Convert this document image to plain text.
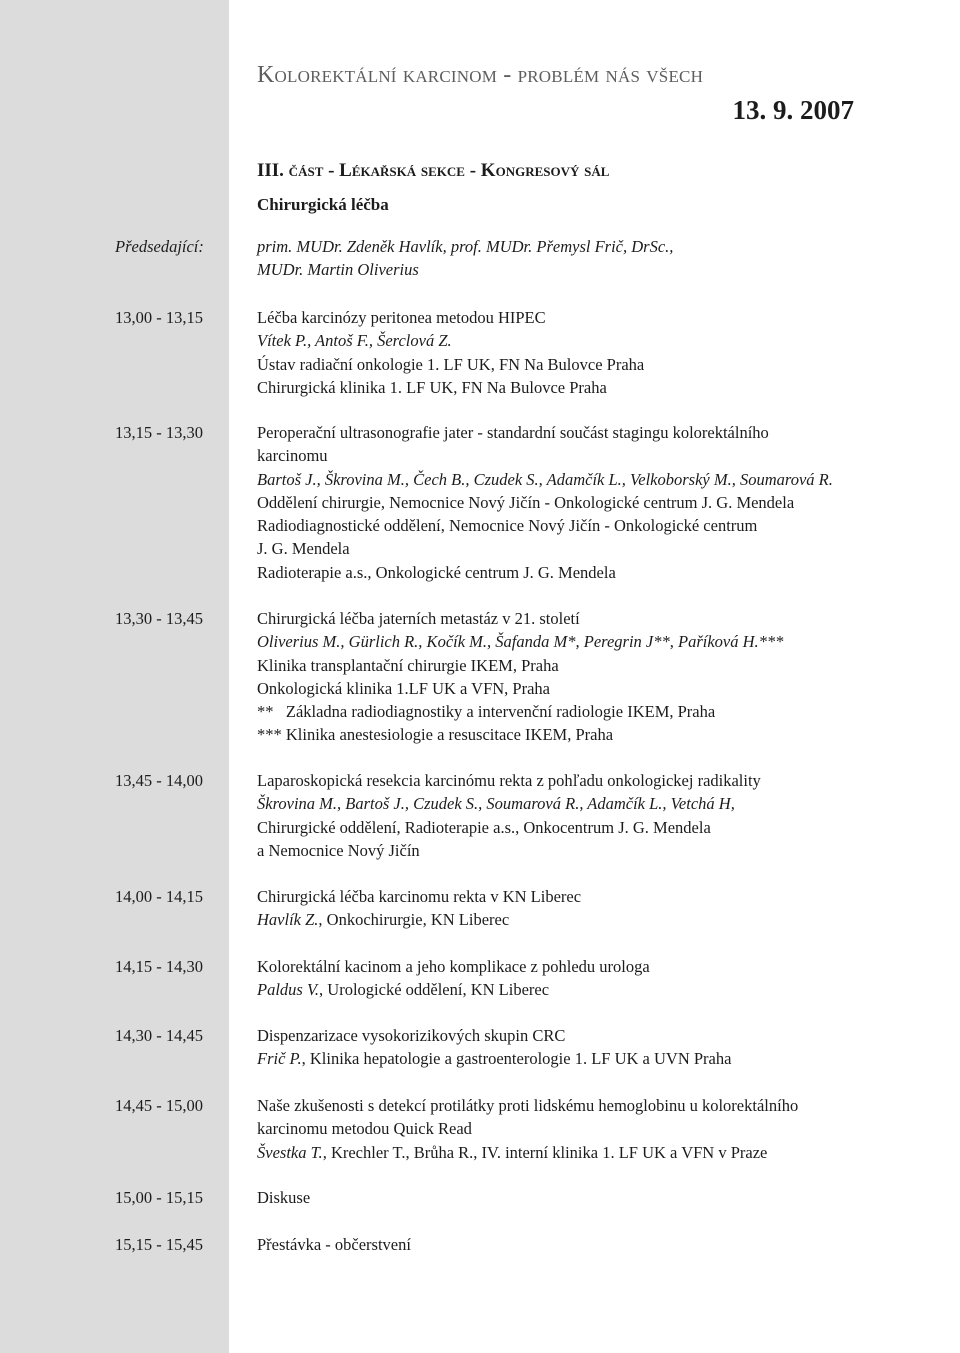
Kolorektální karcinom - problém nás všech
13. 9. 2007
III. část - Lékařská sekce - Kongresový sál
Chirurgická léčba
Předsedající:	prim. MUDr. Zdeněk Havlík, prof. MUDr. Přemysl Frič, DrSc.,
MUDr. Martin Oliverius
13,00 - 13,15	Léčba karcinózy peritonea metodou HIPEC
Vítek P., Antoš F., Šerclová Z.
Ústav radiační onkologie 1. LF UK, FN Na Bulovce Praha
Chirurgická klinika 1. LF UK, FN Na Bulovce Praha
13,15 - 13,30	Peroperační ultrasonografie jater - standardní součást stagingu kolorektálního
karcinomu
Bartoš J., Škrovina M., Čech B., Czudek S., Adamčík L., Velkoborský M., Soumarová R.
Oddělení chirurgie, Nemocnice Nový Jičín - Onkologické centrum J. G. Mendela
Radiodiagnostické oddělení, Nemocnice Nový Jičín - Onkologické centrum
J. G. Mendela
Radioterapie a.s., Onkologické centrum J. G. Mendela
13,30 - 13,45	Chirurgická léčba jaterních metastáz v 21. století
Oliverius M., Gürlich R., Kočík M., Šafanda M*, Peregrin J**, Paříková H.***
Klinika transplantační chirurgie IKEM, Praha
Onkologická klinika 1.LF UK a VFN, Praha
**   Základna radiodiagnostiky a intervenční radiologie IKEM, Praha
*** Klinika anestesiologie a resuscitace IKEM, Praha
13,45 - 14,00	Laparoskopická resekcia karcinómu rekta z pohľadu onkologickej radikality
Škrovina M., Bartoš J., Czudek S., Soumarová R., Adamčík L., Vetchá H,
Chirurgické oddělení, Radioterapie a.s., Onkocentrum J. G. Mendela
a Nemocnice Nový Jičín
14,00 - 14,15	Chirurgická léčba karcinomu rekta v KN Liberec
Havlík Z., Onkochirurgie, KN Liberec
14,15 - 14,30	Kolorektální kacinom a jeho komplikace z pohledu urologa
Paldus V., Urologické oddělení, KN Liberec
14,30 - 14,45	Dispenzarizace vysokorizikových skupin CRC
Frič P., Klinika hepatologie a gastroenterologie 1. LF UK a UVN Praha
14,45 - 15,00	Naše zkušenosti s detekcí protilátky proti lidskému hemoglobinu u kolorektálního
karcinomu metodou Quick Read
Švestka T., Krechler T., Brůha R., IV. interní klinika 1. LF UK a VFN v Praze
15,00 - 15,15	Diskuse
15,15 - 15,45	Přestávka - občerstvení
